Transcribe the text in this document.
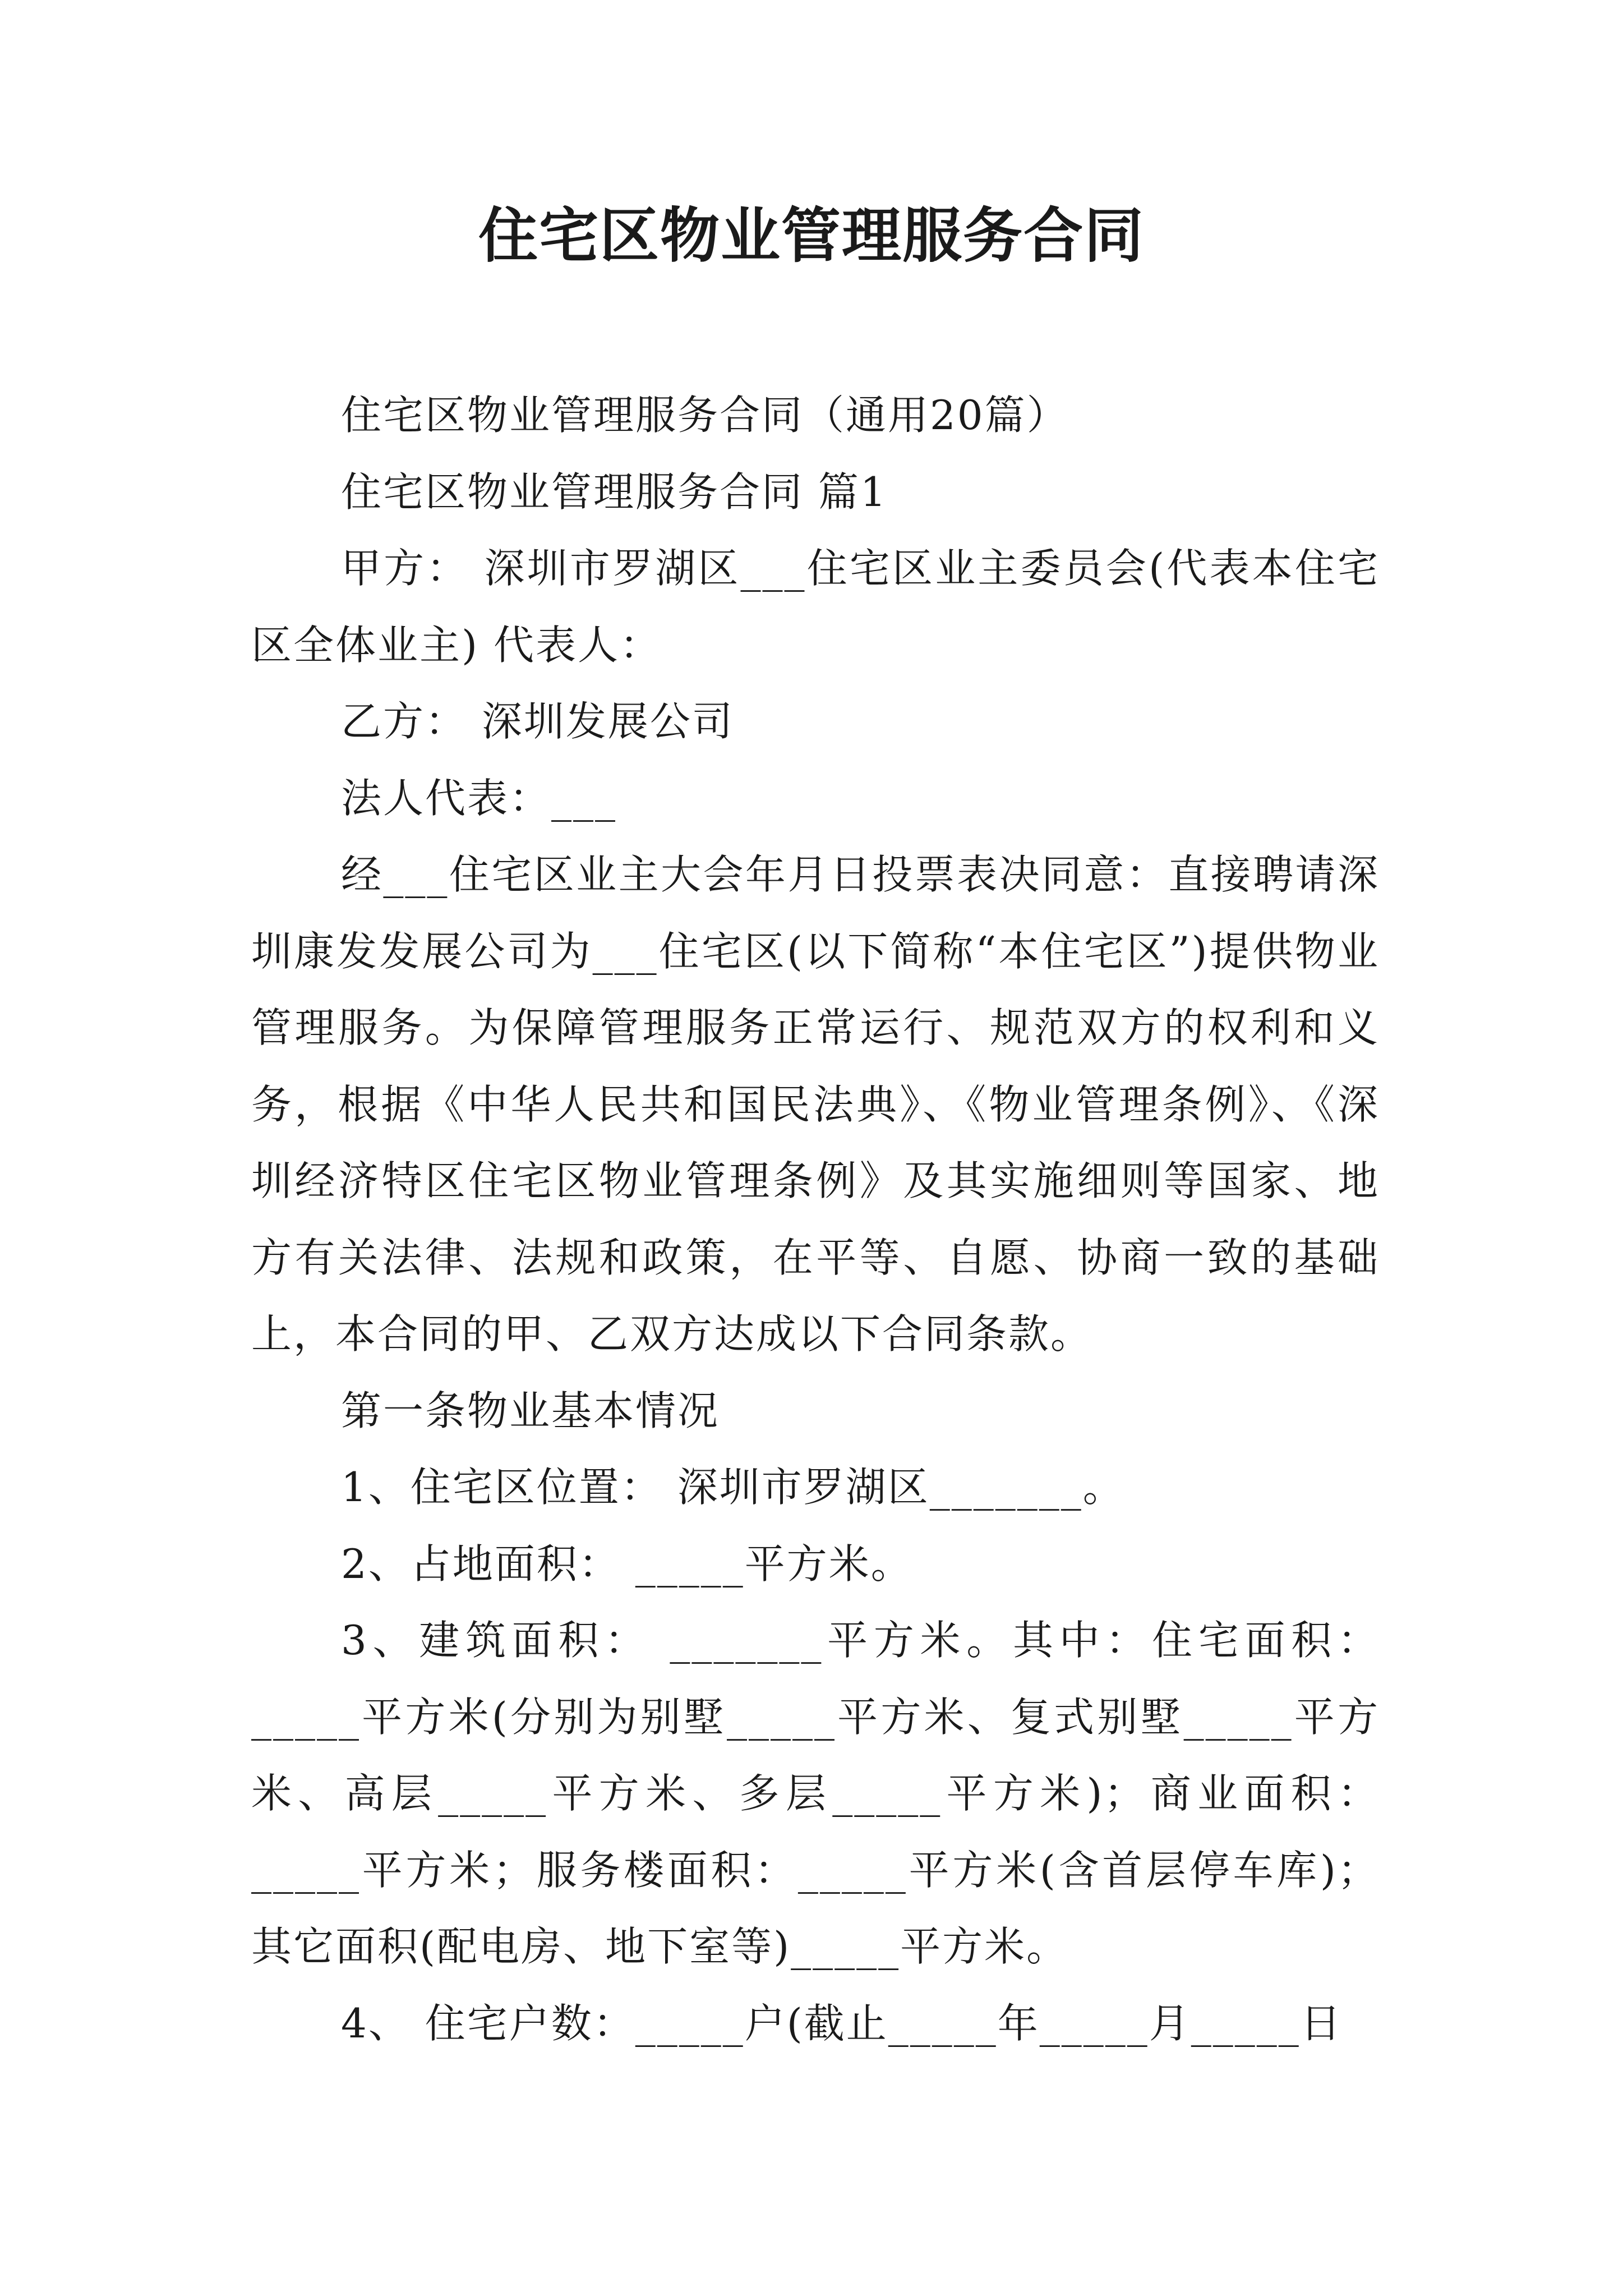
住宅区物业管理服务合同

住宅区物业管理服务合同（通用20篇）

住宅区物业管理服务合同 篇1

甲方： 深圳市罗湖区___住宅区业主委员会(代表本住宅区全体业主) 代表人：

乙方： 深圳发展公司

法人代表：___

经___住宅区业主大会年月日投票表决同意：直接聘请深圳康发发展公司为___住宅区(以下简称“本住宅区”)提供物业管理服务。为保障管理服务正常运行、规范双方的权利和义务，根据《中华人民共和国民法典》、《物业管理条例》、《深圳经济特区住宅区物业管理条例》及其实施细则等国家、地方有关法律、法规和政策，在平等、自愿、协商一致的基础上，本合同的甲、乙双方达成以下合同条款。

第一条物业基本情况

1、住宅区位置： 深圳市罗湖区_______。

2、占地面积： _____平方米。

3、建筑面积： _______平方米。其中：住宅面积：_____平方米(分别为别墅_____平方米、复式别墅_____平方米、高层_____平方米、多层_____平方米)；商业面积：_____平方米；服务楼面积：_____平方米(含首层停车库)；其它面积(配电房、地下室等)_____平方米。

4、 住宅户数：_____户(截止_____年_____月_____日
